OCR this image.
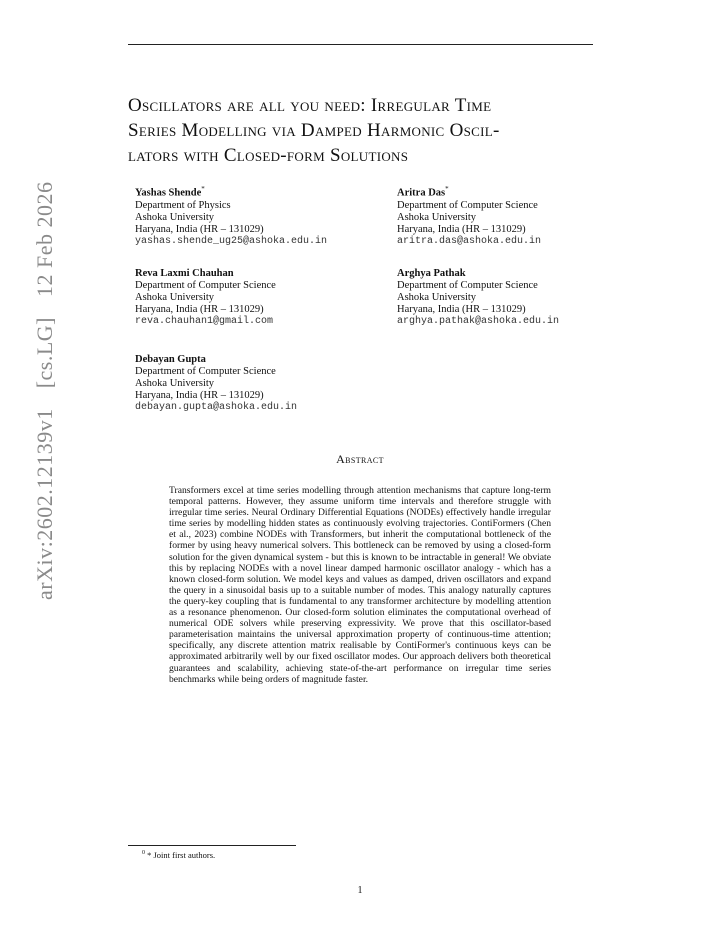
arXiv:2602.12139v1 [cs.LG] 12 Feb 2026
Oscillators are all you need: Irregular Time
Series Modelling via Damped Harmonic Oscil-
lators with Closed-form Solutions
Yashas Shende*
Department of Physics
Ashoka University
Haryana, India (HR – 131029)
yashas.shende_ug25@ashoka.edu.in
Aritra Das*
Department of Computer Science
Ashoka University
Haryana, India (HR – 131029)
aritra.das@ashoka.edu.in
Reva Laxmi Chauhan
Department of Computer Science
Ashoka University
Haryana, India (HR – 131029)
reva.chauhan1@gmail.com
Arghya Pathak
Department of Computer Science
Ashoka University
Haryana, India (HR – 131029)
arghya.pathak@ashoka.edu.in
Debayan Gupta
Department of Computer Science
Ashoka University
Haryana, India (HR – 131029)
debayan.gupta@ashoka.edu.in
Abstract
Transformers excel at time series modelling through attention mechanisms that capture long-term temporal patterns. However, they assume uniform time intervals and therefore struggle with irregular time series. Neural Ordinary Differential Equations (NODEs) effectively handle irregular time series by modelling hidden states as continuously evolving trajectories. ContiFormers (Chen et al., 2023) combine NODEs with Transformers, but inherit the computational bottleneck of the former by using heavy numerical solvers. This bottleneck can be removed by using a closed-form solution for the given dynamical system - but this is known to be intractable in general! We obviate this by replacing NODEs with a novel linear damped harmonic oscillator analogy - which has a known closed-form solution. We model keys and values as damped, driven oscillators and expand the query in a sinusoidal basis up to a suitable number of modes. This analogy naturally captures the query-key coupling that is fundamental to any transformer architecture by modelling attention as a resonance phenomenon. Our closed-form solution eliminates the computational overhead of numerical ODE solvers while preserving expressivity. We prove that this oscillator-based parameterisation maintains the universal approximation property of continuous-time attention; specifically, any discrete attention matrix realisable by ContiFormer's continuous keys can be approximated arbitrarily well by our fixed oscillator modes. Our approach delivers both theoretical guarantees and scalability, achieving state-of-the-art performance on irregular time series benchmarks while being orders of magnitude faster.
$^0$ * Joint first authors.
1
